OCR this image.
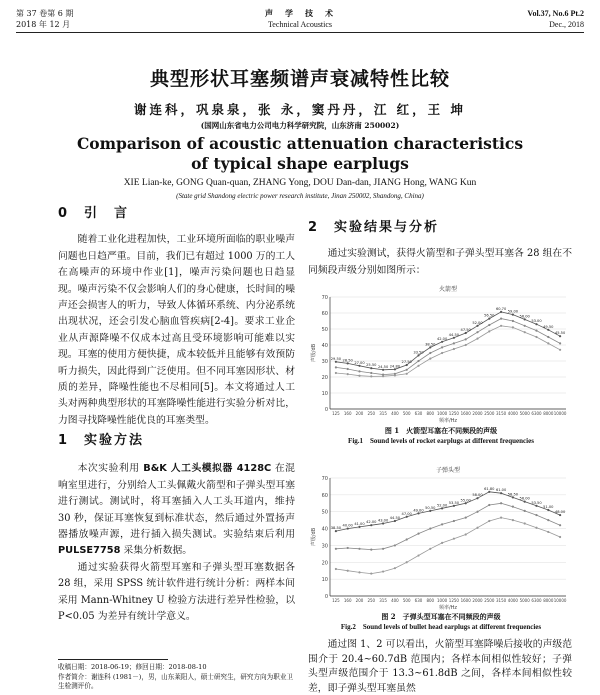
第 37 卷第 6 期
2018 年 12 月
声　学　技　术
Technical Acoustics
Vol.37, No.6 Pt.2
Dec., 2018
典型形状耳塞频谱声衰减特性比较
谢连科，巩泉泉，张 永，窦丹丹，江 红，王 坤
(国网山东省电力公司电力科学研究院，山东济南 250002)
Comparison of acoustic attenuation characteristics of typical shape earplugs
XIE Lian-ke, GONG Quan-quan, ZHANG Yong, DOU Dan-dan, JIANG Hong, WANG Kun
(State grid Shandong electric power research institute, Jinan 250002, Shandong, China)
0　引　言
随着工业化进程加快，工业环境所面临的职业噪声问题也日趋严重。目前，我们已有超过 1000 万的工人在高噪声的环境中作业[1]，噪声污染问题也日趋显现。噪声污染不仅会影响人们的身心健康，长时间的噪声还会损害人的听力，导致人体循环系统、内分泌系统出现状况，还会引发心脑血管疾病[2-4]。要求工业企业从声源降噪不仅成本过高且受环境影响可能难以实现。耳塞的使用方便快捷，成本较低并且能够有效预防听力损失，因此得到广泛使用。但不同耳塞因形状、材质的差异，降噪性能也不尽相同[5]。本文将通过人工头对两种典型形状的耳塞降噪性能进行实验分析对比，力图寻找降噪性能优良的耳塞类型。
1　实验方法
本次实验利用 B&K 人工头模拟器 4128C 在混响室里进行，分别给人工头佩戴火箭型和子弹头型耳塞进行测试。测试时，将耳塞插入人工头耳道内，维持 30 秒，保证耳塞恢复到标准状态，然后通过外置扬声器播放噪声源，进行插入损失测试。实验结束后利用 PULSE7758 采集分析数据。
通过实验获得火箭型耳塞和子弹头型耳塞数据各 28 组，采用 SPSS 统计软件进行统计分析：两样本间采用 Mann-Whitney U 检验方法进行差异性检验，以 P<0.05 为差异有统计学意义。
收稿日期：2018-06-19；修回日期：2018-08-10
作者简介：谢连科 (1981－)，男，山东莱阳人，硕士研究生，研究方向为职业卫生检测评价。
2　实验结果与分析
通过实验测试，获得火箭型和子弹头型耳塞各 28 组在不同频段声级分别如图所示：
火箭型
0
10
20
30
40
50
60
70
声级/dB
125 160 200 250 315 400 500 630 800 1000 1250 1600 2000 2500 3150 4000 5000 6300 8000 10000
频率/Hz
29.50 28.50
27.00
25.50 24.50 24.80
27.50
33.50
38.50
42.00
44.50
47.50
52.00
56.50
60.70
59.00
56.00
53.00
49.50
45.50
图 1　火箭型耳塞在不同频段的声级
Fig.1　Sound levels of rocket earplugs at different frequencies
子弹头型
0
10
20
30
40
50
60
70
声级/dB
125 160 200 250 315 400 500 630 800 1000 1250 1600 2000 2500 3150 4000 5000 6300 8000 10000
频率/Hz
38.50
40.00 41.00 42.00 43.00
44.50
47.00
49.00
50.50
52.00
53.50
55.00
58.00
61.80 61.00
58.50
56.00
53.50
51.00
48.00
图 2　子弹头型耳塞在不同频段的声级
Fig.2　Sound levels of bullet head earplugs at different frequencies
通过图 1、2 可以看出，火箭型耳塞降噪后接收的声级范围介于 20.4~60.7dB 范围内；各样本间相似性较好；子弹头型声级范围介于 13.3~61.8dB 之间，各样本间相似性较差，即子弹头型耳塞虽然
